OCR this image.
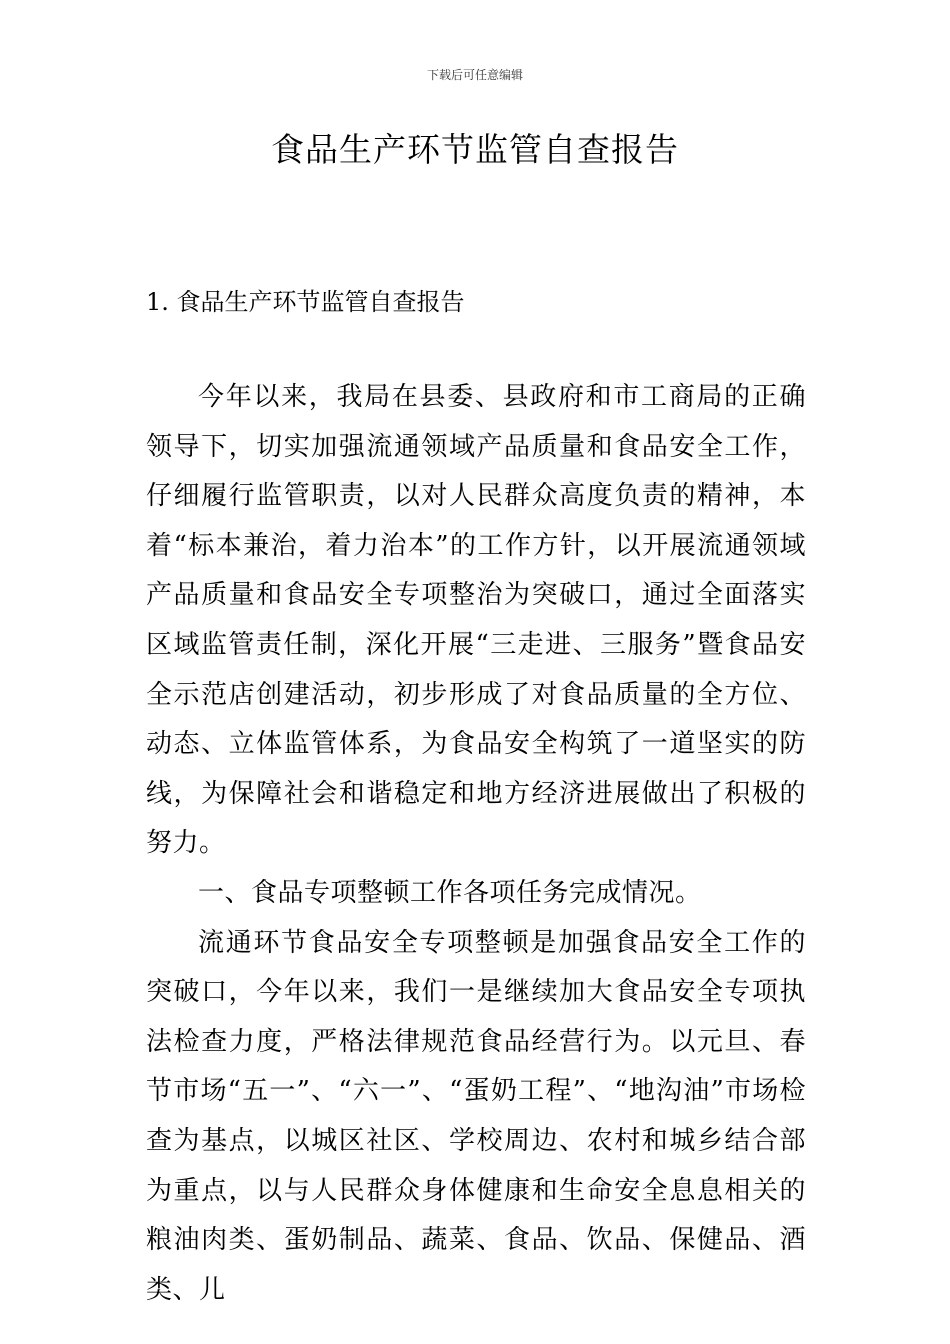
下载后可任意编辑
食品生产环节监管自查报告
1. 食品生产环节监管自查报告

今年以来，我局在县委、县政府和市工商局的正确领导下，切实加强流通领域产品质量和食品安全工作，仔细履行监管职责，以对人民群众高度负责的精神，本着“标本兼治，着力治本”的工作方针，以开展流通领域产品质量和食品安全专项整治为突破口，通过全面落实区域监管责任制，深化开展“三走进、三服务”暨食品安全示范店创建活动，初步形成了对食品质量的全方位、动态、立体监管体系，为食品安全构筑了一道坚实的防线，为保障社会和谐稳定和地方经济进展做出了积极的努力。

一、食品专项整顿工作各项任务完成情况。

流通环节食品安全专项整顿是加强食品安全工作的突破口，今年以来，我们一是继续加大食品安全专项执法检查力度，严格法律规范食品经营行为。以元旦、春节市场“五一”、“六一”、“蛋奶工程”、“地沟油”市场检查为基点，以城区社区、学校周边、农村和城乡结合部为重点，以与人民群众身体健康和生命安全息息相关的粮油肉类、蛋奶制品、蔬菜、食品、饮品、保健品、酒类、儿
